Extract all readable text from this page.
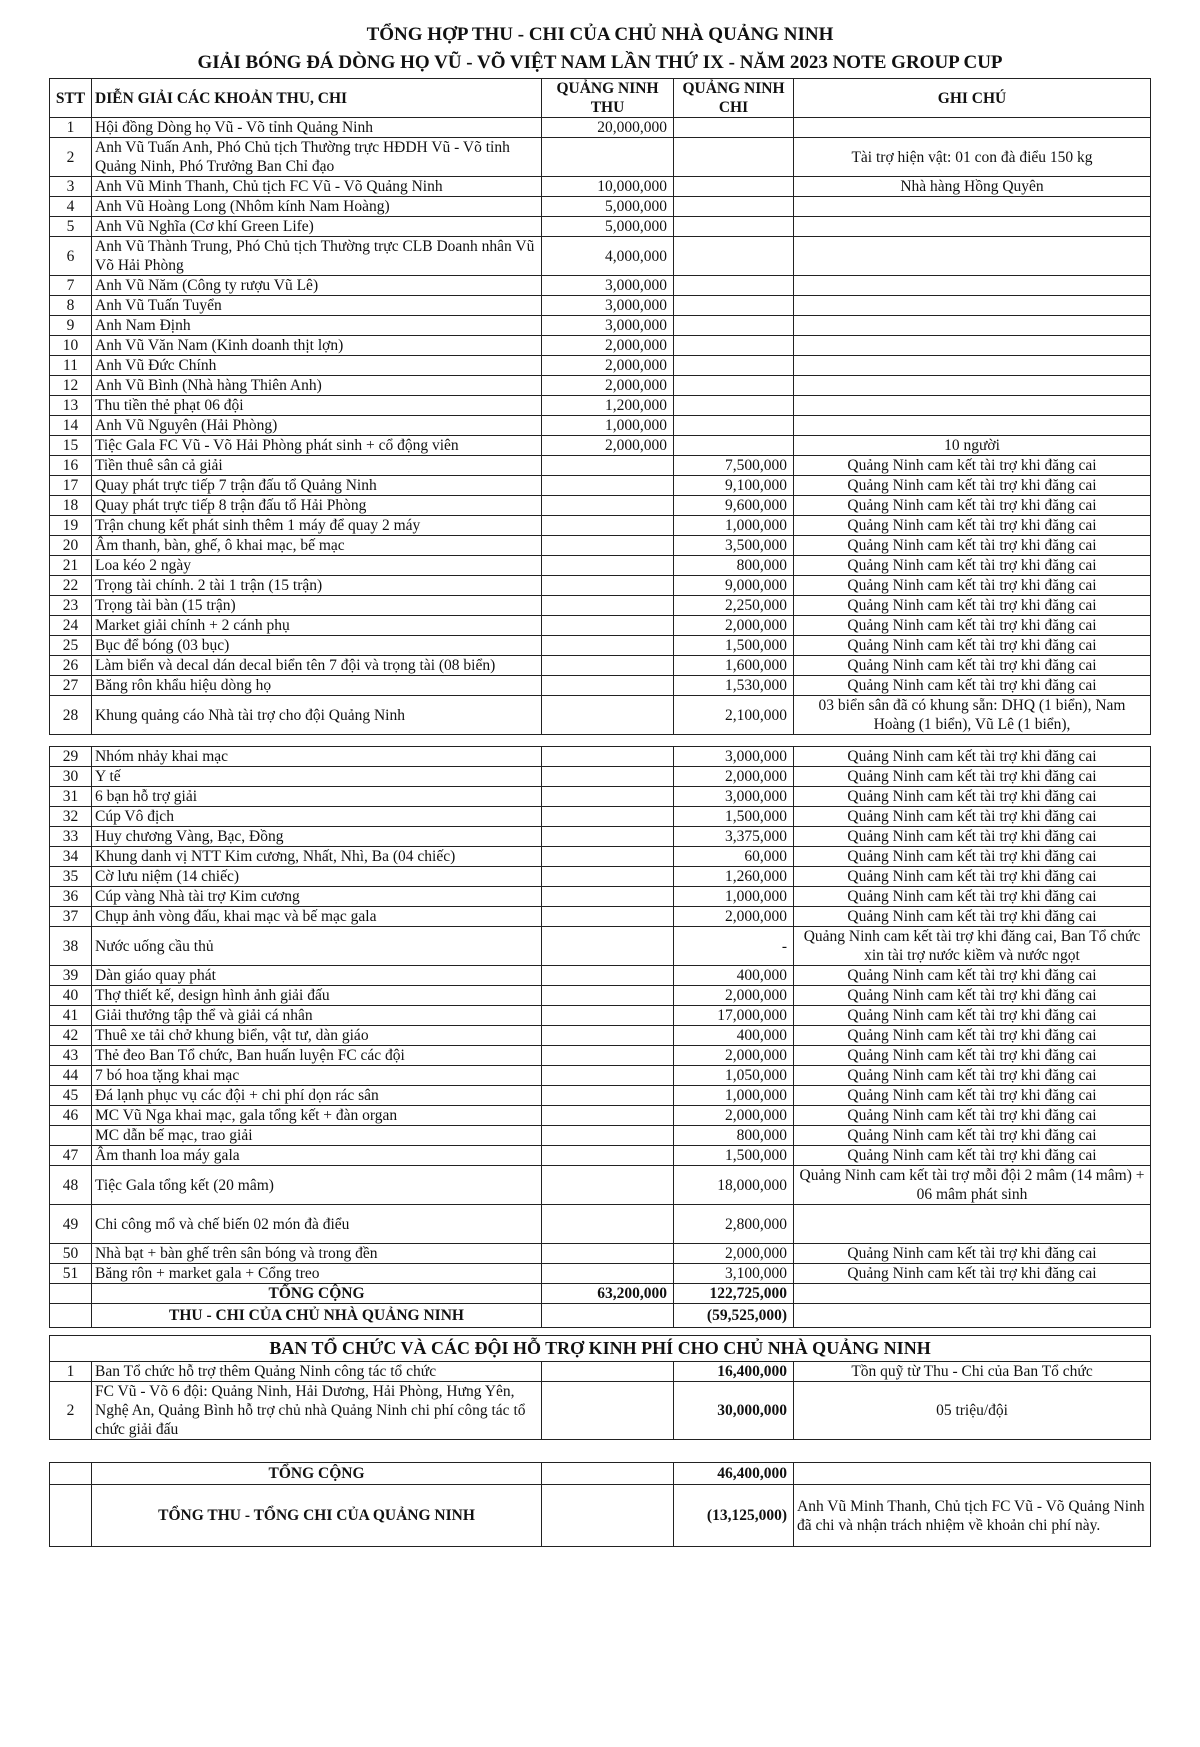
TỔNG HỢP THU - CHI CỦA CHỦ NHÀ QUẢNG NINH
GIẢI BÓNG ĐÁ DÒNG HỌ VŨ - VÕ VIỆT NAM LẦN THỨ IX - NĂM 2023 NOTE GROUP CUP
STT	DIỄN GIẢI CÁC KHOẢN THU, CHI	QUẢNG NINH THU	QUẢNG NINH CHI	GHI CHÚ
1	Hội đồng Dòng họ Vũ - Võ tỉnh Quảng Ninh	20,000,000		
2	Anh Vũ Tuấn Anh, Phó Chủ tịch Thường trực HĐDH Vũ - Võ tỉnh Quảng Ninh, Phó Trưởng Ban Chỉ đạo			Tài trợ hiện vật: 01 con đà điểu 150 kg
3	Anh Vũ Minh Thanh, Chủ tịch FC Vũ - Võ Quảng Ninh	10,000,000		Nhà hàng Hồng Quyên
4	Anh Vũ Hoàng Long (Nhôm kính Nam Hoàng)	5,000,000		
5	Anh Vũ Nghĩa (Cơ khí Green Life)	5,000,000		
6	Anh Vũ Thành Trung, Phó Chủ tịch Thường trực CLB Doanh nhân Vũ Võ Hải Phòng	4,000,000		
7	Anh Vũ Năm (Công ty rượu Vũ Lê)	3,000,000		
8	Anh Vũ Tuấn Tuyển	3,000,000		
9	Anh Nam Định	3,000,000		
10	Anh Vũ Văn Nam (Kinh doanh thịt lợn)	2,000,000		
11	Anh Vũ Đức Chính	2,000,000		
12	Anh Vũ Bình (Nhà hàng Thiên Anh)	2,000,000		
13	Thu tiền thẻ phạt 06 đội	1,200,000		
14	Anh Vũ Nguyên (Hải Phòng)	1,000,000		
15	Tiệc Gala FC Vũ - Võ Hải Phòng phát sinh + cổ động viên	2,000,000		10 người
16	Tiền thuê sân cả giải		7,500,000	Quảng Ninh cam kết tài trợ khi đăng cai
17	Quay phát trực tiếp 7 trận đấu tổ Quảng Ninh		9,100,000	Quảng Ninh cam kết tài trợ khi đăng cai
18	Quay phát trực tiếp 8 trận đấu tổ Hải Phòng		9,600,000	Quảng Ninh cam kết tài trợ khi đăng cai
19	Trận chung kết phát sinh thêm 1 máy để quay 2 máy		1,000,000	Quảng Ninh cam kết tài trợ khi đăng cai
20	Âm thanh, bàn, ghế, ô khai mạc, bế mạc		3,500,000	Quảng Ninh cam kết tài trợ khi đăng cai
21	Loa kéo 2 ngày		800,000	Quảng Ninh cam kết tài trợ khi đăng cai
22	Trọng tài chính. 2 tài 1 trận (15 trận)		9,000,000	Quảng Ninh cam kết tài trợ khi đăng cai
23	Trọng tài bàn (15 trận)		2,250,000	Quảng Ninh cam kết tài trợ khi đăng cai
24	Market giải chính + 2 cánh phụ		2,000,000	Quảng Ninh cam kết tài trợ khi đăng cai
25	Bục để bóng (03 bục)		1,500,000	Quảng Ninh cam kết tài trợ khi đăng cai
26	Làm biển và decal dán decal biển tên 7 đội và trọng tài (08 biển)		1,600,000	Quảng Ninh cam kết tài trợ khi đăng cai
27	Băng rôn khẩu hiệu dòng họ		1,530,000	Quảng Ninh cam kết tài trợ khi đăng cai
28	Khung quảng cáo Nhà tài trợ cho đội Quảng Ninh		2,100,000	03 biển sân đã có khung sẵn: DHQ (1 biển), Nam Hoàng (1 biển), Vũ Lê (1 biển),
29	Nhóm nhảy khai mạc		3,000,000	Quảng Ninh cam kết tài trợ khi đăng cai
30	Y tế		2,000,000	Quảng Ninh cam kết tài trợ khi đăng cai
31	6 bạn hỗ trợ giải		3,000,000	Quảng Ninh cam kết tài trợ khi đăng cai
32	Cúp Vô địch		1,500,000	Quảng Ninh cam kết tài trợ khi đăng cai
33	Huy chương Vàng, Bạc, Đồng		3,375,000	Quảng Ninh cam kết tài trợ khi đăng cai
34	Khung danh vị NTT Kim cương, Nhất, Nhì, Ba (04 chiếc)		60,000	Quảng Ninh cam kết tài trợ khi đăng cai
35	Cờ lưu niệm (14 chiếc)		1,260,000	Quảng Ninh cam kết tài trợ khi đăng cai
36	Cúp vàng Nhà tài trợ Kim cương		1,000,000	Quảng Ninh cam kết tài trợ khi đăng cai
37	Chụp ảnh vòng đấu, khai mạc và bế mạc gala		2,000,000	Quảng Ninh cam kết tài trợ khi đăng cai
38	Nước uống cầu thủ		-	Quảng Ninh cam kết tài trợ khi đăng cai, Ban Tổ chức xin tài trợ nước kiềm và nước ngọt
39	Dàn giáo quay phát		400,000	Quảng Ninh cam kết tài trợ khi đăng cai
40	Thợ thiết kế, design hình ảnh giải đấu		2,000,000	Quảng Ninh cam kết tài trợ khi đăng cai
41	Giải thưởng tập thể và giải cá nhân		17,000,000	Quảng Ninh cam kết tài trợ khi đăng cai
42	Thuê xe tải chở khung biển, vật tư, dàn giáo		400,000	Quảng Ninh cam kết tài trợ khi đăng cai
43	Thẻ đeo Ban Tổ chức, Ban huấn luyện FC các đội		2,000,000	Quảng Ninh cam kết tài trợ khi đăng cai
44	7 bó hoa tặng khai mạc		1,050,000	Quảng Ninh cam kết tài trợ khi đăng cai
45	Đá lạnh phục vụ các đội + chi phí dọn rác sân		1,000,000	Quảng Ninh cam kết tài trợ khi đăng cai
46	MC Vũ Nga khai mạc, gala tổng kết + đàn organ		2,000,000	Quảng Ninh cam kết tài trợ khi đăng cai
	MC dẫn bế mạc, trao giải		800,000	Quảng Ninh cam kết tài trợ khi đăng cai
47	Âm thanh loa máy gala		1,500,000	Quảng Ninh cam kết tài trợ khi đăng cai
48	Tiệc Gala tổng kết (20 mâm)		18,000,000	Quảng Ninh cam kết tài trợ mỗi đội 2 mâm (14 mâm) + 06 mâm phát sinh
49	Chi công mổ và chế biến 02 món đà điểu		2,800,000	
50	Nhà bạt + bàn ghế trên sân bóng và trong đền		2,000,000	Quảng Ninh cam kết tài trợ khi đăng cai
51	Băng rôn + market gala + Cổng treo		3,100,000	Quảng Ninh cam kết tài trợ khi đăng cai
	TỔNG CỘNG	63,200,000	122,725,000	
	THU - CHI CỦA CHỦ NHÀ QUẢNG NINH		(59,525,000)	
BAN TỔ CHỨC VÀ CÁC ĐỘI HỖ TRỢ KINH PHÍ CHO CHỦ NHÀ QUẢNG NINH				
1	Ban Tổ chức hỗ trợ thêm Quảng Ninh công tác tổ chức		16,400,000	Tồn quỹ từ Thu - Chi của Ban Tổ chức
2	FC Vũ - Võ 6 đội: Quảng Ninh, Hải Dương, Hải Phòng, Hưng Yên, Nghệ An, Quảng Bình hỗ trợ chủ nhà Quảng Ninh chi phí công tác tổ chức giải đấu		30,000,000	05 triệu/đội
	TỔNG CỘNG		46,400,000	
	TỔNG THU - TỔNG CHI CỦA QUẢNG NINH		(13,125,000)	Anh Vũ Minh Thanh, Chủ tịch FC Vũ - Võ Quảng Ninh đã chi và nhận trách nhiệm về khoản chi phí này.
